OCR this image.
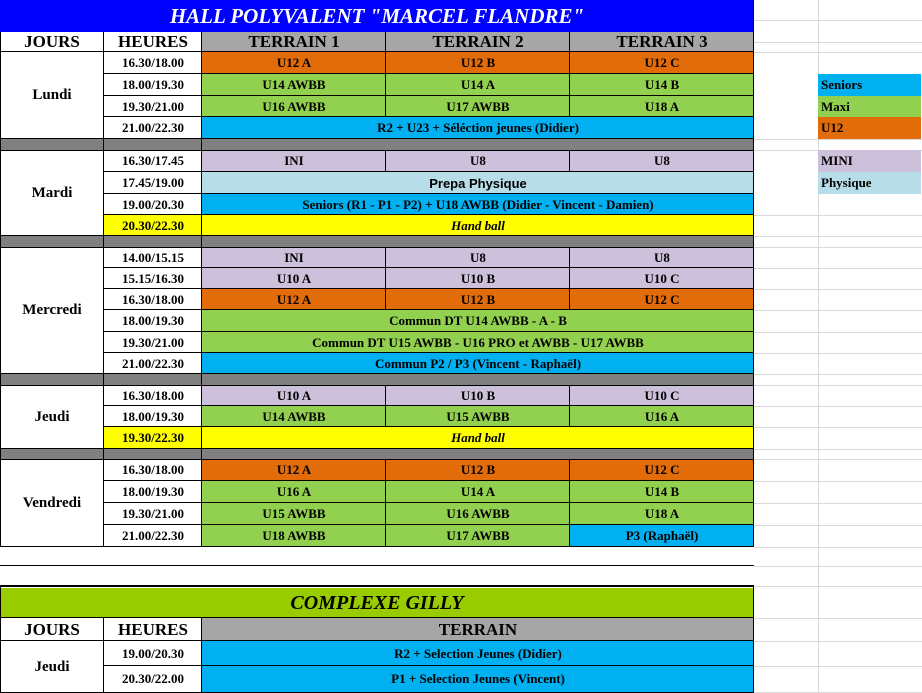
HALL POLYVALENT "MARCEL FLANDRE"
JOURS	HEURES	TERRAIN 1	TERRAIN 2	TERRAIN 3
Lundi
16.30/18.00	U12 A	U12 B	U12 C
18.00/19.30	U14 AWBB	U14 A	U14 B
19.30/21.00	U16 AWBB	U17 AWBB	U18 A
21.00/22.30	R2 + U23 + Séléction jeunes (Didier)
Mardi
16.30/17.45	INI	U8	U8
17.45/19.00	Prepa Physique
19.00/20.30	Seniors (R1 - P1 - P2) + U18 AWBB (Didier - Vincent - Damien)
20.30/22.30	Hand ball
Mercredi
14.00/15.15	INI	U8	U8
15.15/16.30	U10 A	U10 B	U10 C
16.30/18.00	U12 A	U12 B	U12 C
18.00/19.30	Commun DT U14 AWBB - A - B
19.30/21.00	Commun DT U15 AWBB - U16 PRO et AWBB - U17 AWBB
21.00/22.30	Commun P2 / P3 (Vincent - Raphaël)
Jeudi
16.30/18.00	U10 A	U10 B	U10 C
18.00/19.30	U14 AWBB	U15 AWBB	U16 A
19.30/22.30	Hand ball
Vendredi
16.30/18.00	U12 A	U12 B	U12 C
18.00/19.30	U16 A	U14 A	U14 B
19.30/21.00	U15 AWBB	U16 AWBB	U18 A
21.00/22.30	U18 AWBB	U17 AWBB	P3 (Raphaël)
COMPLEXE GILLY
JOURS	HEURES	TERRAIN
Jeudi
19.00/20.30	R2 + Selection Jeunes (Didier)
20.30/22.00	P1 + Selection Jeunes (Vincent)
Seniors
Maxi
U12
MINI
Physique
